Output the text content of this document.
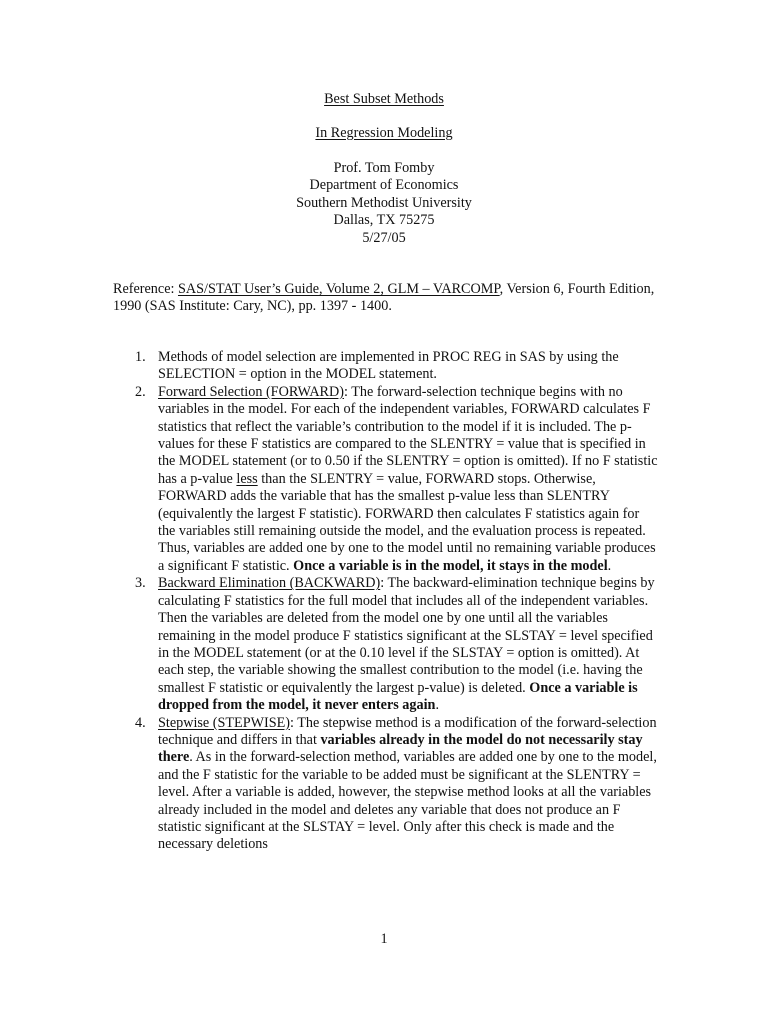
Best Subset Methods
In Regression Modeling
Prof. Tom Fomby
Department of Economics
Southern Methodist University
Dallas, TX 75275
5/27/05
Reference: SAS/STAT User’s Guide, Volume 2, GLM – VARCOMP, Version 6, Fourth Edition, 1990 (SAS Institute: Cary, NC), pp. 1397 - 1400.
1. Methods of model selection are implemented in PROC REG in SAS by using the SELECTION = option in the MODEL statement.
2. Forward Selection (FORWARD): The forward-selection technique begins with no variables in the model. For each of the independent variables, FORWARD calculates F statistics that reflect the variable’s contribution to the model if it is included. The p-values for these F statistics are compared to the SLENTRY = value that is specified in the MODEL statement (or to 0.50 if the SLENTRY = option is omitted). If no F statistic has a p-value less than the SLENTRY = value, FORWARD stops. Otherwise, FORWARD adds the variable that has the smallest p-value less than SLENTRY (equivalently the largest F statistic). FORWARD then calculates F statistics again for the variables still remaining outside the model, and the evaluation process is repeated. Thus, variables are added one by one to the model until no remaining variable produces a significant F statistic. Once a variable is in the model, it stays in the model.
3. Backward Elimination (BACKWARD): The backward-elimination technique begins by calculating F statistics for the full model that includes all of the independent variables. Then the variables are deleted from the model one by one until all the variables remaining in the model produce F statistics significant at the SLSTAY = level specified in the MODEL statement (or at the 0.10 level if the SLSTAY = option is omitted). At each step, the variable showing the smallest contribution to the model (i.e. having the smallest F statistic or equivalently the largest p-value) is deleted. Once a variable is dropped from the model, it never enters again.
4. Stepwise (STEPWISE): The stepwise method is a modification of the forward-selection technique and differs in that variables already in the model do not necessarily stay there. As in the forward-selection method, variables are added one by one to the model, and the F statistic for the variable to be added must be significant at the SLENTRY = level. After a variable is added, however, the stepwise method looks at all the variables already included in the model and deletes any variable that does not produce an F statistic significant at the SLSTAY = level. Only after this check is made and the necessary deletions
1
